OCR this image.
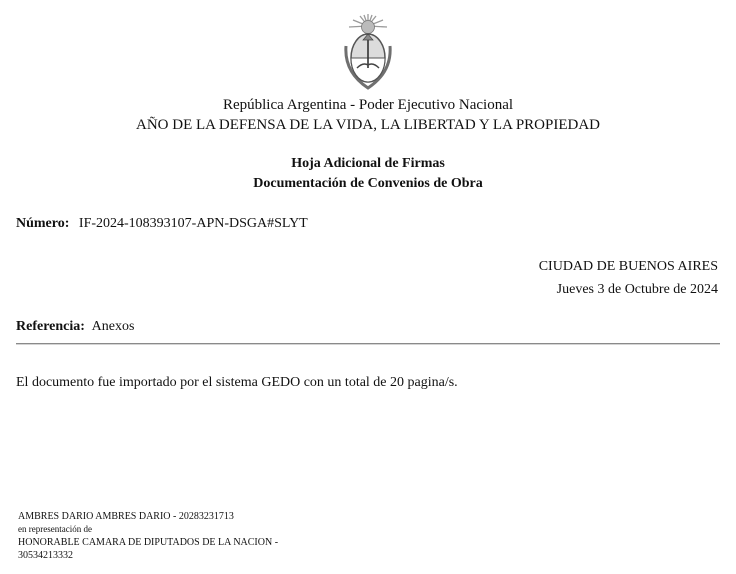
República Argentina - Poder Ejecutivo Nacional
AÑO DE LA DEFENSA DE LA VIDA, LA LIBERTAD Y LA PROPIEDAD
Hoja Adicional de Firmas
Documentación de Convenios de Obra
Número: IF-2024-108393107-APN-DSGA#SLYT
CIUDAD DE BUENOS AIRES
Jueves 3 de Octubre de 2024
Referencia: Anexos
El documento fue importado por el sistema GEDO con un total de 20 pagina/s.
AMBRES DARIO AMBRES DARIO - 20283231713
en representación de
HONORABLE CAMARA DE DIPUTADOS DE LA NACION -
30534213332
